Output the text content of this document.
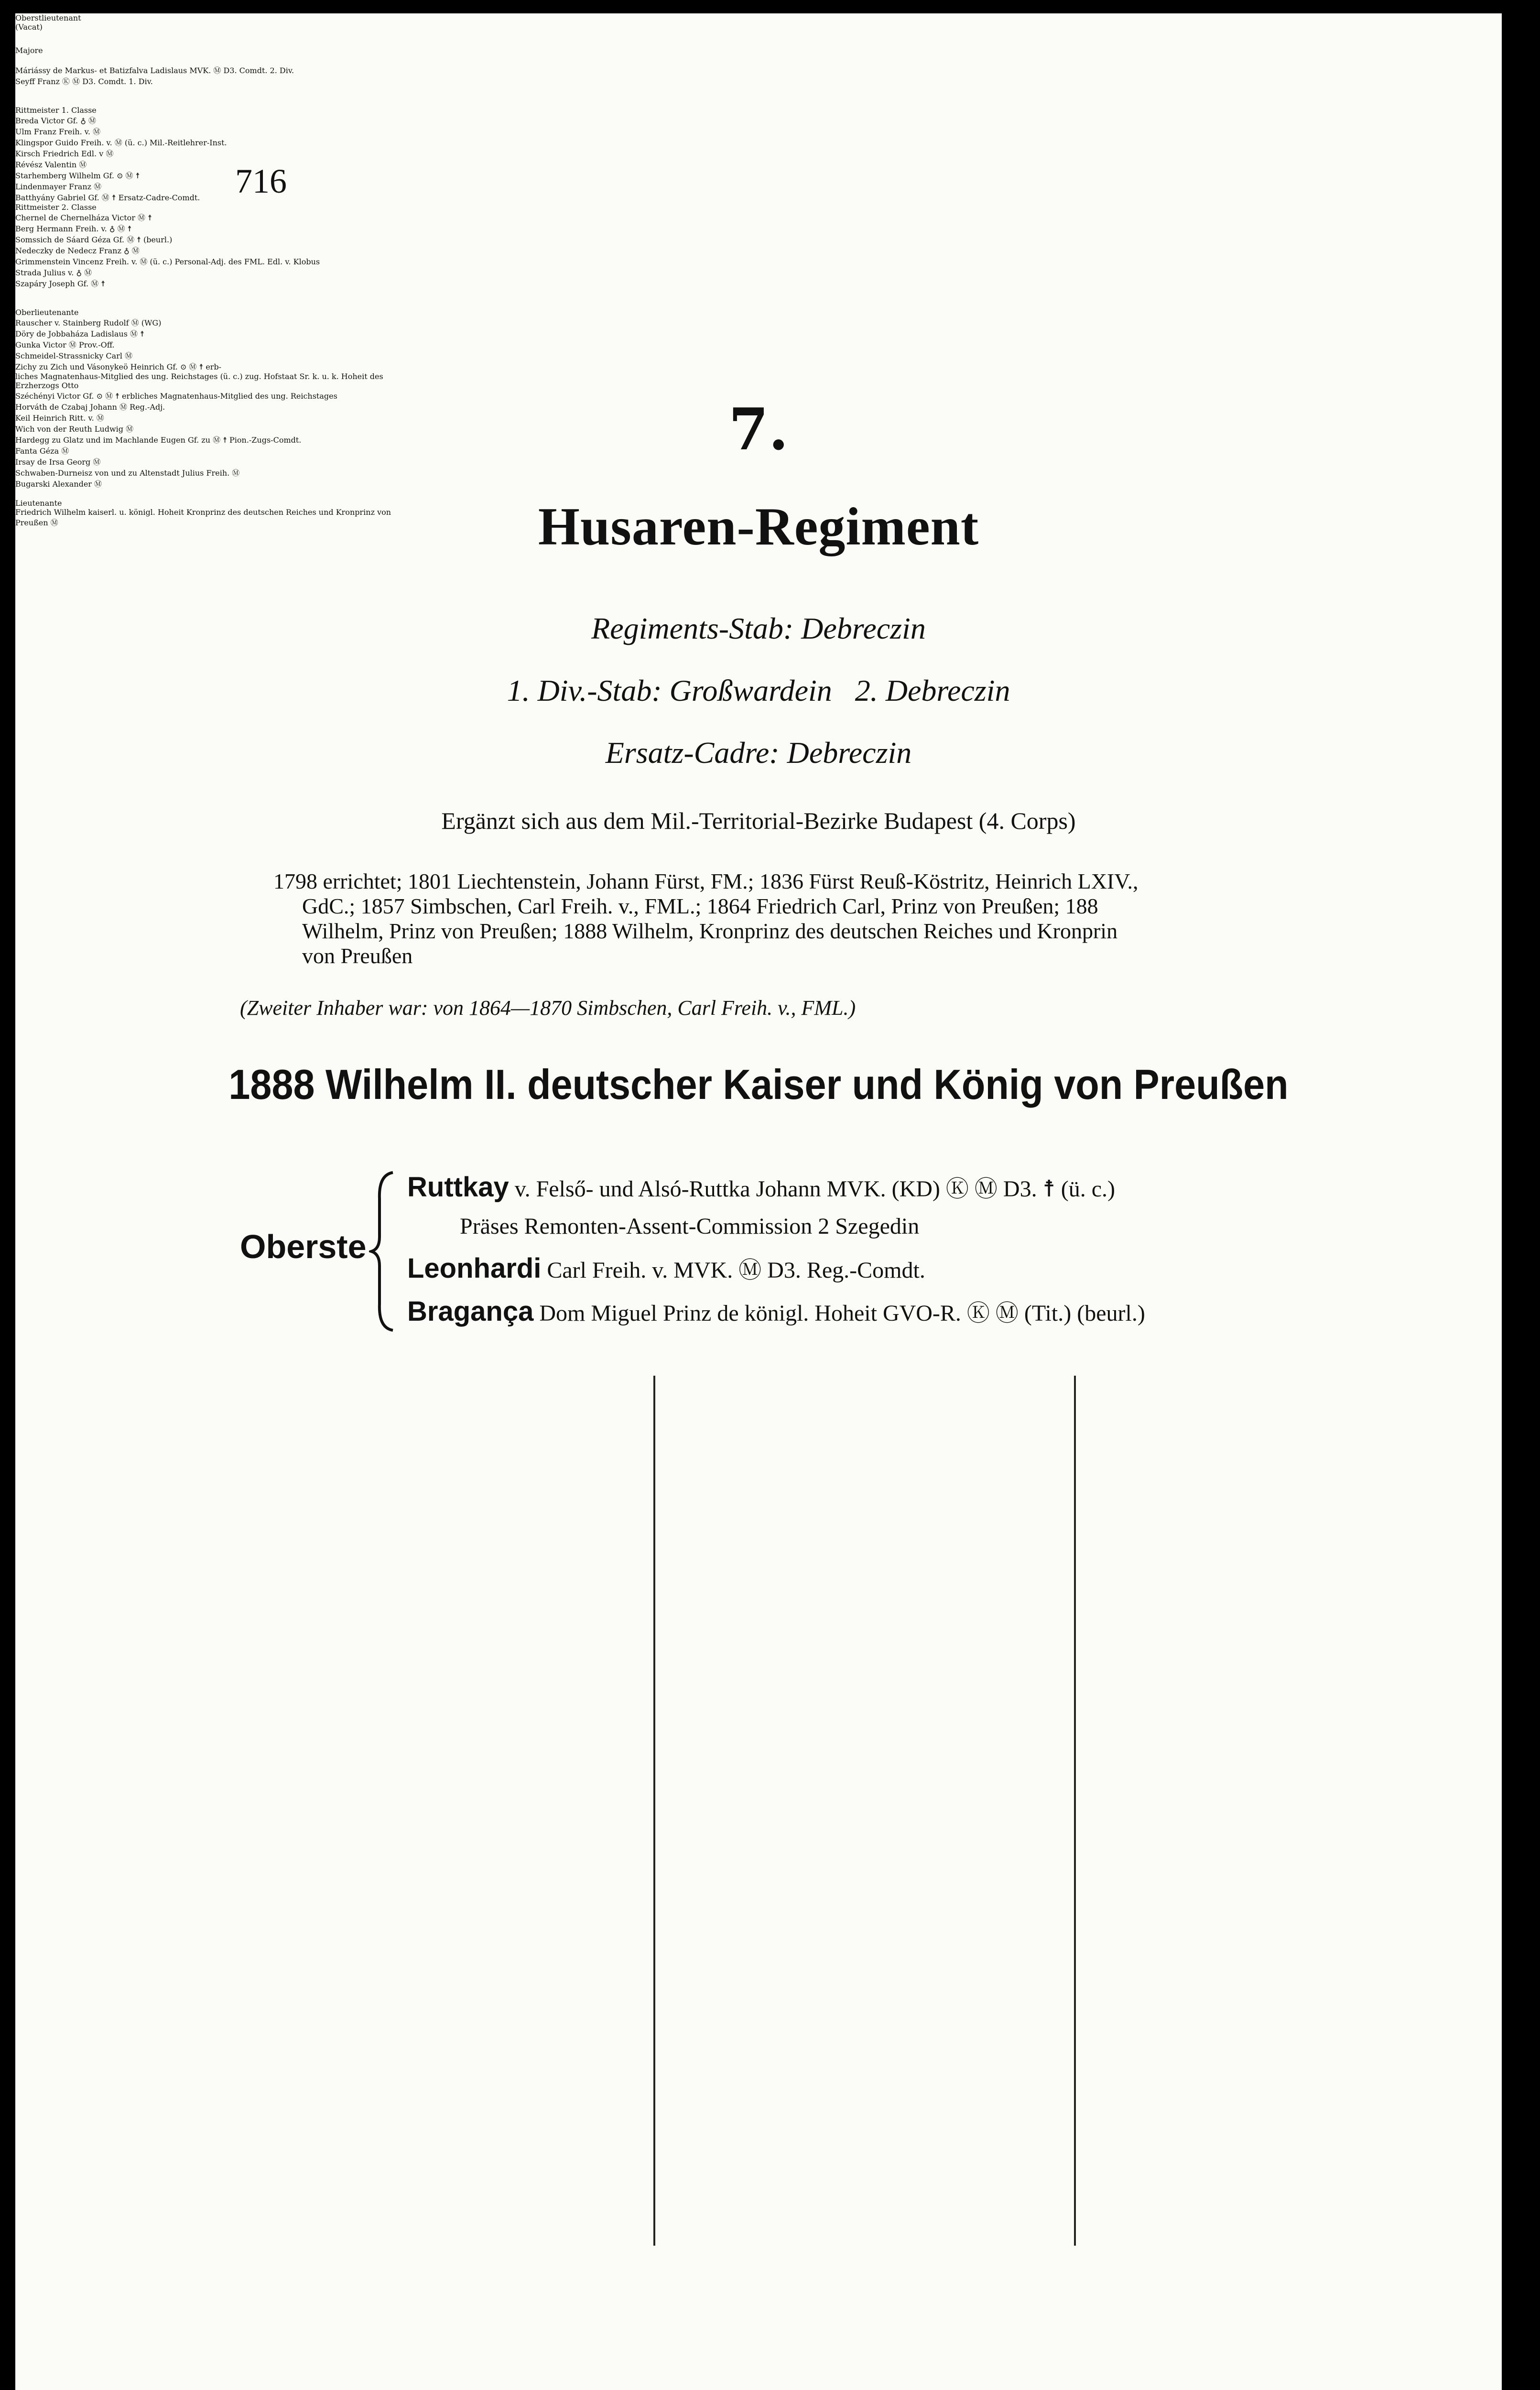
716
7.
Husaren-Regiment
Regiments-Stab: Debreczin
1. Div.-Stab: Großwardein   2. Debreczin
Ersatz-Cadre: Debreczin
Ergänzt sich aus dem Mil.-Territorial-Bezirke Budapest (4. Corps)
1798 errichtet; 1801 Liechtenstein, Johann Fürst, FM.; 1836 Fürst Reuß-Köstritz, Heinrich LXIV.,
GdC.; 1857 Simbschen, Carl Freih. v., FML.; 1864 Friedrich Carl, Prinz von Preußen; 188
Wilhelm, Prinz von Preußen; 1888 Wilhelm, Kronprinz des deutschen Reiches und Kronprin
von Preußen
(Zweiter Inhaber war: von 1864—1870 Simbschen, Carl Freih. v., FML.)
1888 Wilhelm II. deutscher Kaiser und König von Preußen
Oberste
Ruttkay v. Felső- und Alsó-Ruttka Johann MVK. (KD) Ⓚ Ⓜ D3. ☨ (ü. c.)
Präses Remonten-Assent-Commission 2 Szegedin
Leonhardi Carl Freih. v. MVK. Ⓜ D3. Reg.-Comdt.
Bragança Dom Miguel Prinz de königl. Hoheit GVO-R. Ⓚ Ⓜ (Tit.) (beurl.)
Oberstlieutenant
(Vacat)
Majore
Máriássy de Markus- et Batizfalva Ladislaus MVK. Ⓜ D3. Comdt. 2. Div.
Seyff Franz Ⓚ Ⓜ D3. Comdt. 1. Div.
Rittmeister 1. Classe
Breda Victor Gf. ♁ Ⓜ
Ulm Franz Freih. v. Ⓜ
Klingspor Guido Freih. v. Ⓜ (ü. c.) Mil.-Reitlehrer-Inst.
Kirsch Friedrich Edl. v Ⓜ
Révész Valentin Ⓜ
Starhemberg Wilhelm Gf. ⊙ Ⓜ ☨
Lindenmayer Franz Ⓜ
Batthyány Gabriel Gf. Ⓜ ☨ Ersatz-Cadre-Comdt.
Rittmeister 2. Classe
Chernel de Chernelháza Victor Ⓜ ☨
Berg Hermann Freih. v. ♁ Ⓜ ☨
Somssich de Sáard Géza Gf. Ⓜ ☨ (beurl.)
Nedeczky de Nedecz Franz ♁ Ⓜ
Grimmenstein Vincenz Freih. v. Ⓜ (ü. c.) Personal-Adj. des FML. Edl. v. Klobus
Strada Julius v. ♁ Ⓜ
Szapáry Joseph Gf. Ⓜ ☨
Oberlieutenante
Rauscher v. Stainberg Rudolf Ⓜ (WG)
Döry de Jobbaháza Ladislaus Ⓜ ☨
Gunka Victor Ⓜ Prov.-Off.
Schmeidel-Strassnicky Carl Ⓜ
Zichy zu Zich und Vásonykeö Heinrich Gf. ⊙ Ⓜ ☨ erb-
liches Magnatenhaus-Mitglied des ung. Reichstages (ü. c.) zug. Hofstaat Sr. k. u. k. Hoheit des Erzherzogs Otto
Széchényi Victor Gf. ⊙ Ⓜ ☨ erbliches Magnatenhaus-Mitglied des ung. Reichstages
Horváth de Czabaj Johann Ⓜ Reg.-Adj.
Keil Heinrich Ritt. v. Ⓜ
Wich von der Reuth Ludwig Ⓜ
Hardegg zu Glatz und im Machlande Eugen Gf. zu Ⓜ ☨ Pion.-Zugs-Comdt.
Fanta Géza Ⓜ
Irsay de Irsa Georg Ⓜ
Schwaben-Durneisz von und zu Altenstadt Julius Freih. Ⓜ
Bugarski Alexander Ⓜ
Lieutenante
Friedrich Wilhelm kaiserl. u. königl. Hoheit Kronprinz des deutschen Reiches und Kronprinz von Preußen Ⓜ
